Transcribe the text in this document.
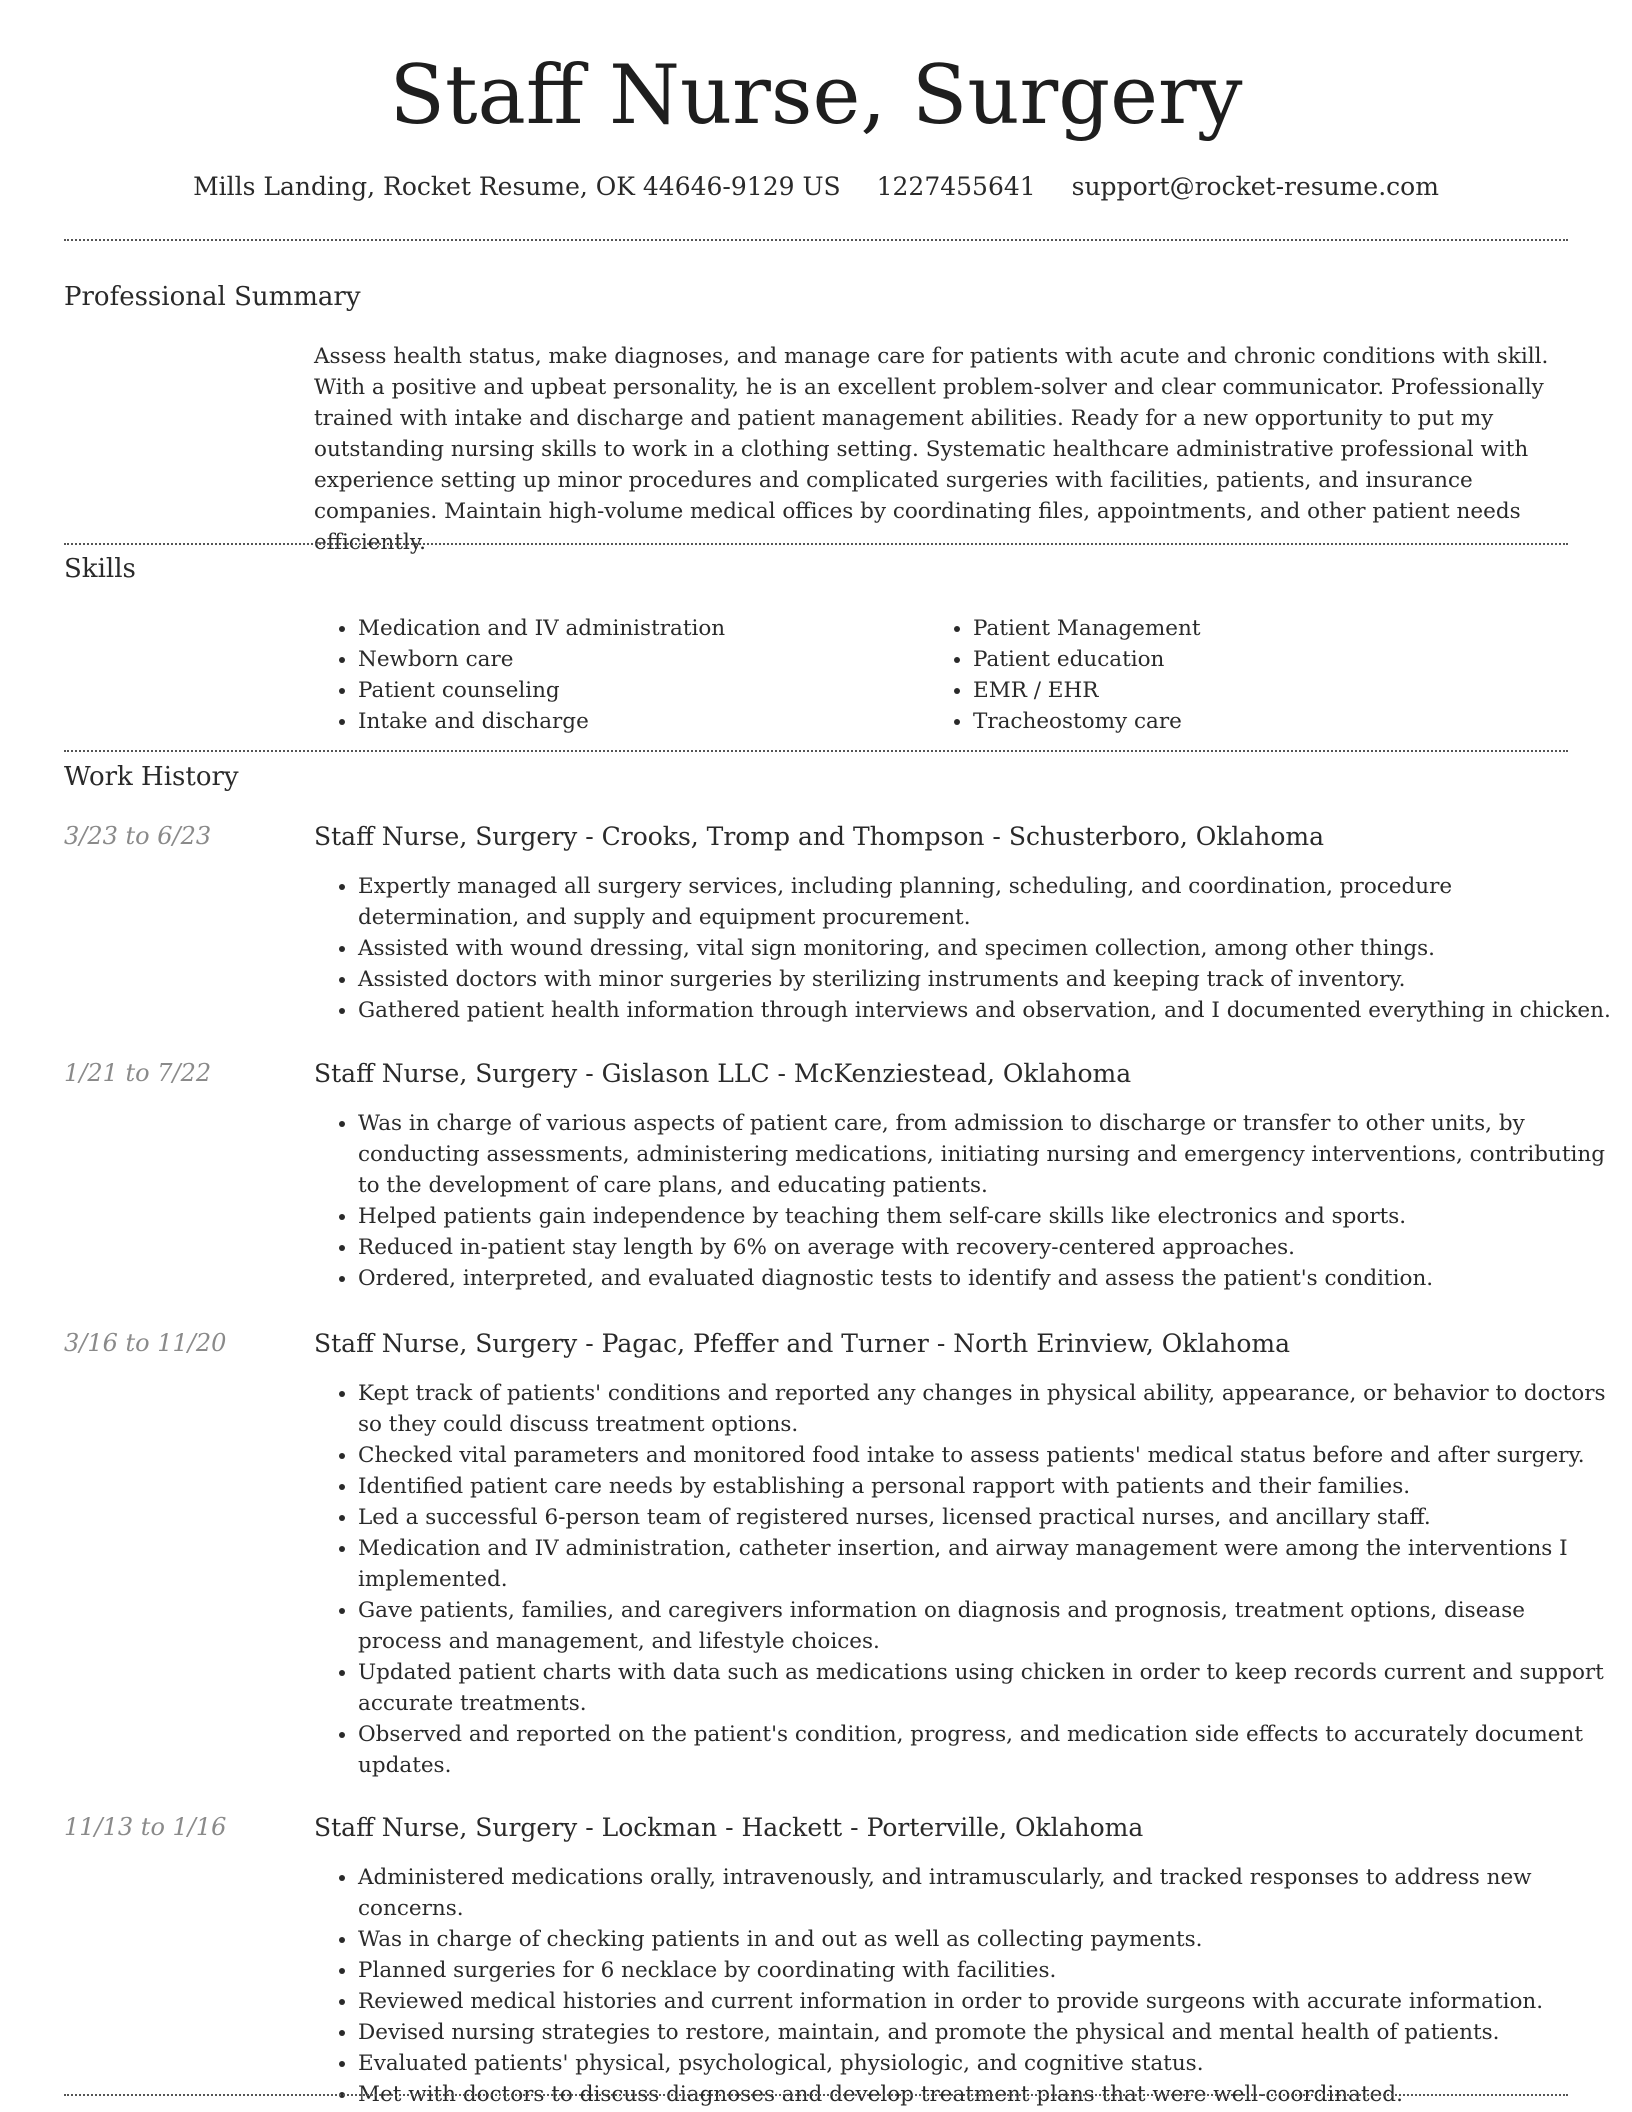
Staff Nurse, Surgery
Mills Landing, Rocket Resume, OK 44646-9129 US 1227455641 support@rocket-resume.com
Professional Summary

Assess health status, make diagnoses, and manage care for patients with acute and chronic conditions with skill. With a positive and upbeat personality, he is an excellent problem-solver and clear communicator. Professionally trained with intake and discharge and patient management abilities. Ready for a new opportunity to put my outstanding nursing skills to work in a clothing setting. Systematic healthcare administrative professional with experience setting up minor procedures and complicated surgeries with facilities, patients, and insurance companies. Maintain high-volume medical offices by coordinating files, appointments, and other patient needs efficiently.

Skills
• Medication and IV administration
• Newborn care
• Patient counseling
• Intake and discharge
• Patient Management
• Patient education
• EMR / EHR
• Tracheostomy care
Work History
3/23 to 6/23	Staff Nurse, Surgery - Crooks, Tromp and Thompson - Schusterboro, Oklahoma
• Expertly managed all surgery services, including planning, scheduling, and coordination, procedure determination, and supply and equipment procurement.
• Assisted with wound dressing, vital sign monitoring, and specimen collection, among other things.
• Assisted doctors with minor surgeries by sterilizing instruments and keeping track of inventory.
• Gathered patient health information through interviews and observation, and I documented everything in chicken.
1/21 to 7/22	Staff Nurse, Surgery - Gislason LLC - McKenziestead, Oklahoma
• Was in charge of various aspects of patient care, from admission to discharge or transfer to other units, by conducting assessments, administering medications, initiating nursing and emergency interventions, contributing to the development of care plans, and educating patients.
• Helped patients gain independence by teaching them self-care skills like electronics and sports.
• Reduced in-patient stay length by 6% on average with recovery-centered approaches.
• Ordered, interpreted, and evaluated diagnostic tests to identify and assess the patient's condition.
3/16 to 11/20	Staff Nurse, Surgery - Pagac, Pfeffer and Turner - North Erinview, Oklahoma
• Kept track of patients' conditions and reported any changes in physical ability, appearance, or behavior to doctors so they could discuss treatment options.
• Checked vital parameters and monitored food intake to assess patients' medical status before and after surgery.
• Identified patient care needs by establishing a personal rapport with patients and their families.
• Led a successful 6-person team of registered nurses, licensed practical nurses, and ancillary staff.
• Medication and IV administration, catheter insertion, and airway management were among the interventions I implemented.
• Gave patients, families, and caregivers information on diagnosis and prognosis, treatment options, disease process and management, and lifestyle choices.
• Updated patient charts with data such as medications using chicken in order to keep records current and support accurate treatments.
• Observed and reported on the patient's condition, progress, and medication side effects to accurately document updates.
11/13 to 1/16	Staff Nurse, Surgery - Lockman - Hackett - Porterville, Oklahoma
• Administered medications orally, intravenously, and intramuscularly, and tracked responses to address new concerns.
• Was in charge of checking patients in and out as well as collecting payments.
• Planned surgeries for 6 necklace by coordinating with facilities.
• Reviewed medical histories and current information in order to provide surgeons with accurate information.
• Devised nursing strategies to restore, maintain, and promote the physical and mental health of patients.
• Evaluated patients' physical, psychological, physiologic, and cognitive status.
• Met with doctors to discuss diagnoses and develop treatment plans that were well-coordinated.
